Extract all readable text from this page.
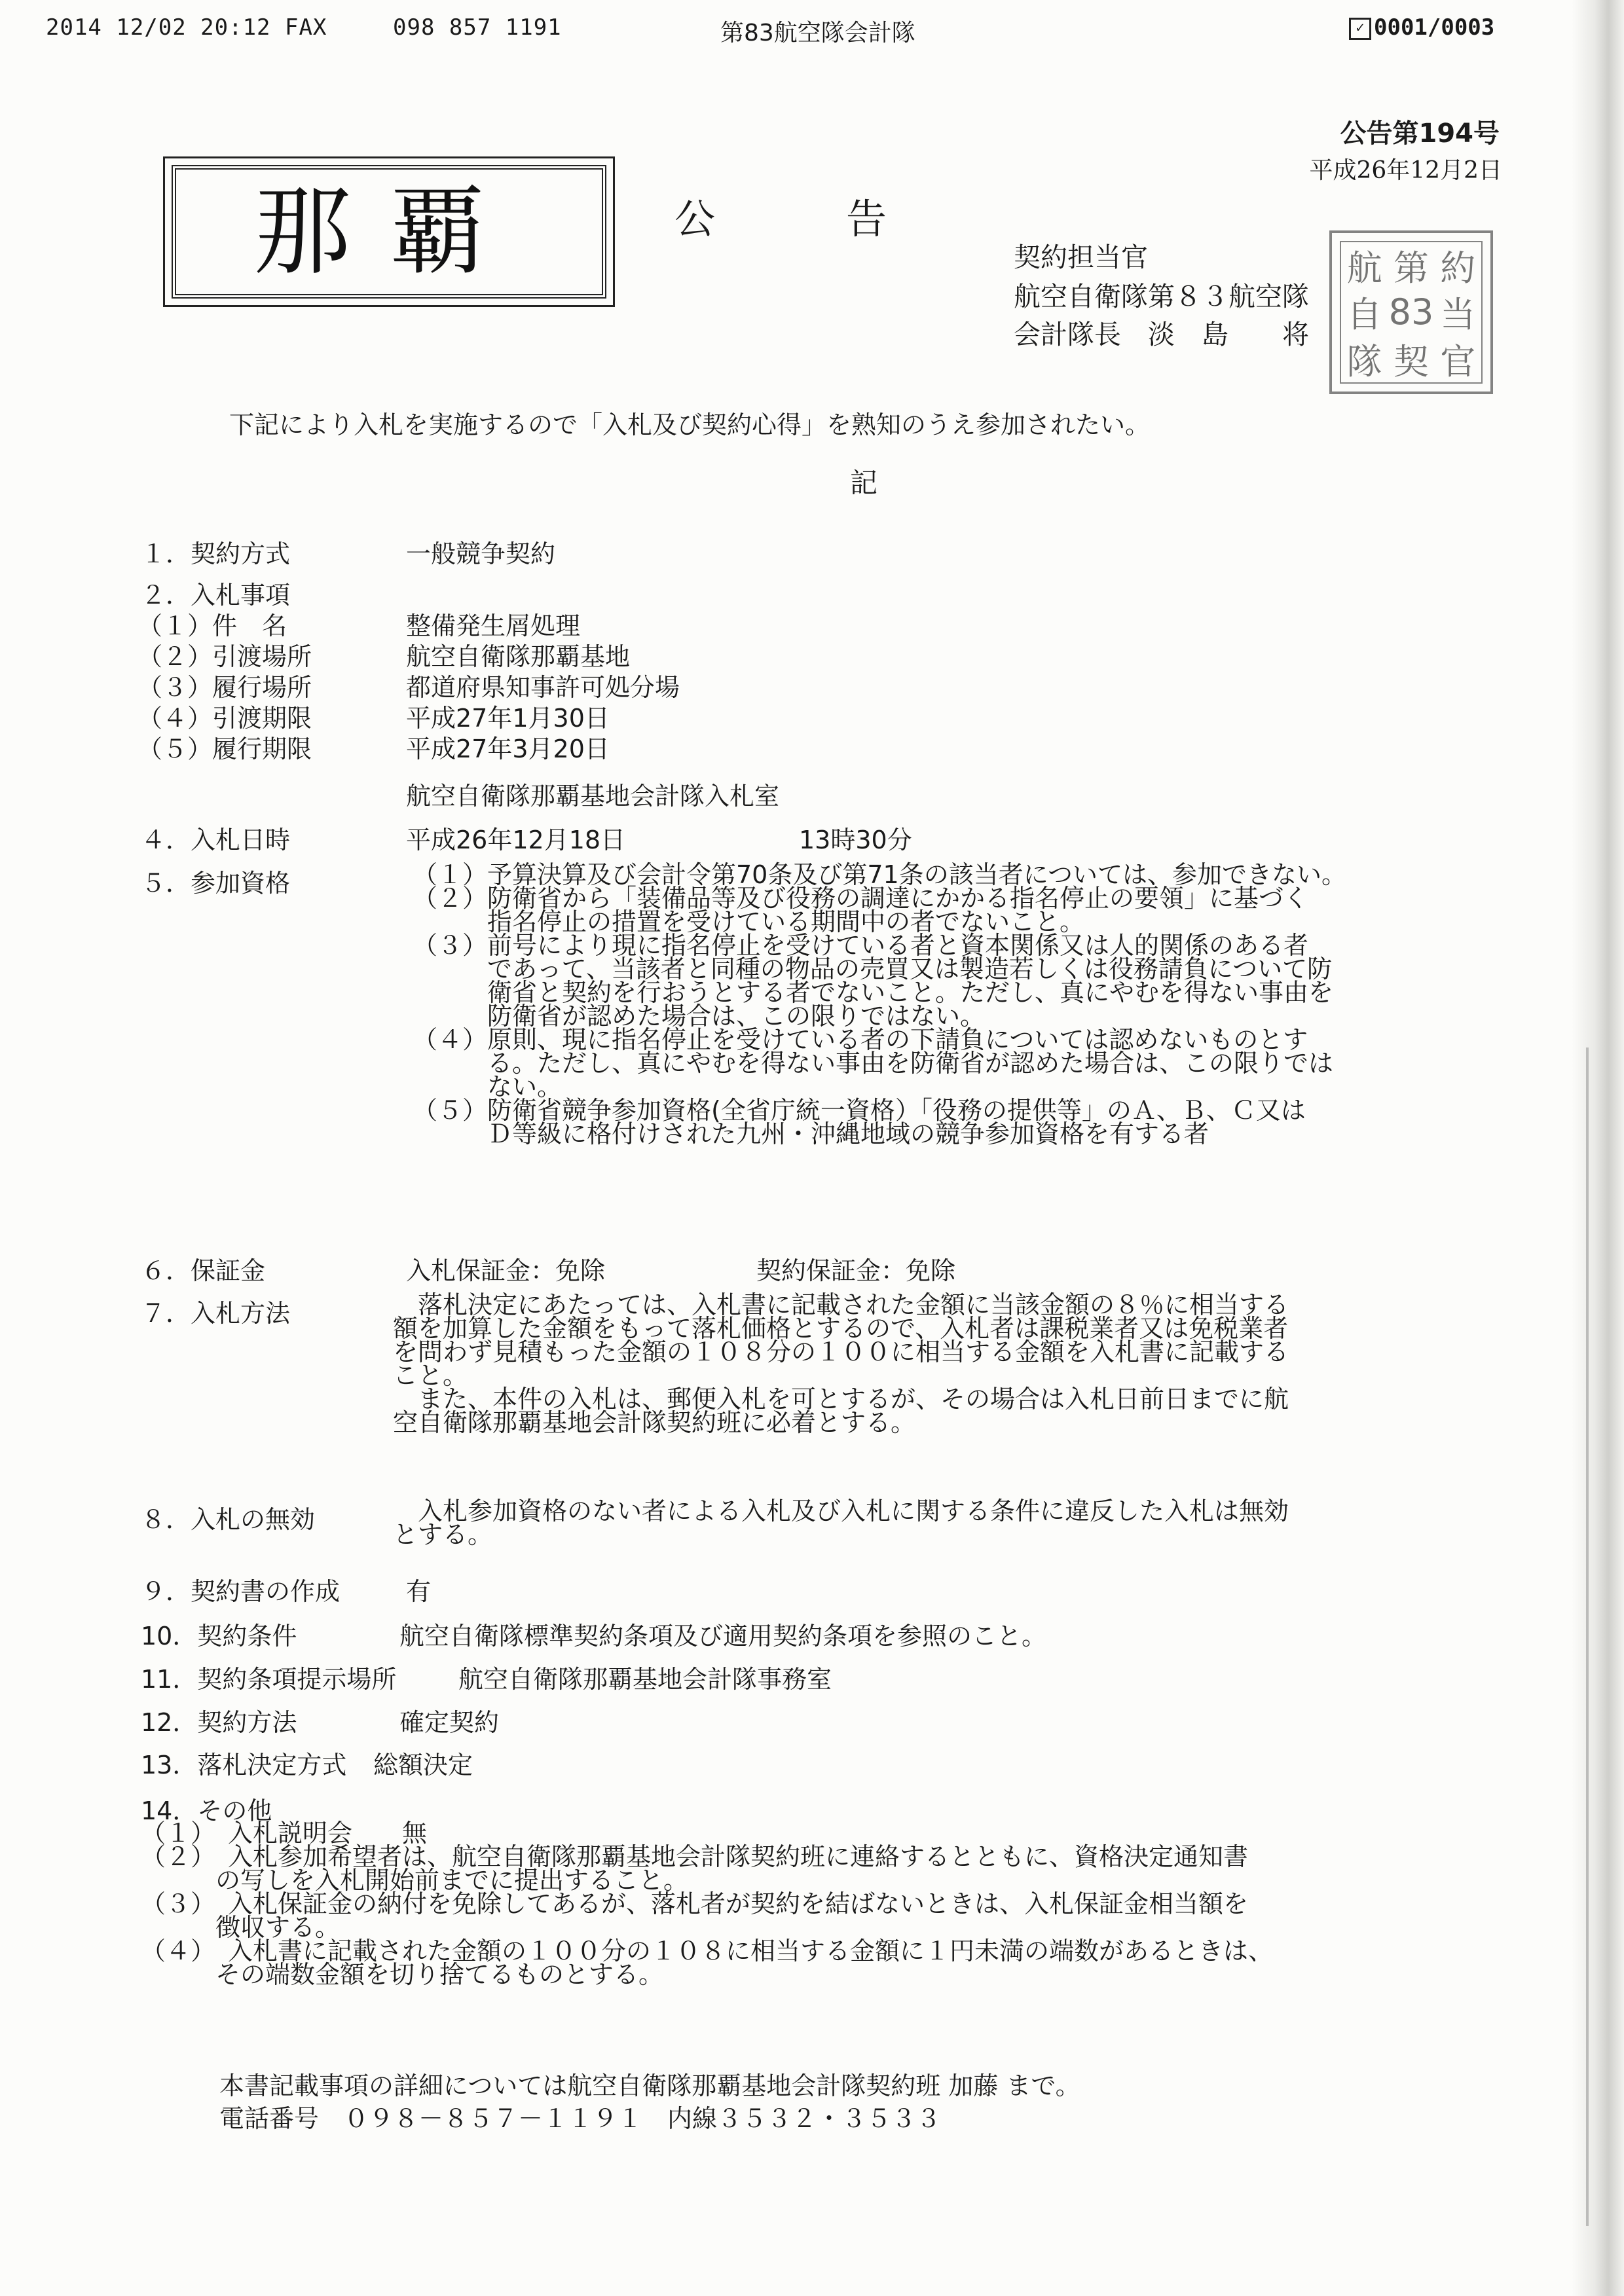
2014 12/02 20:12 FAX	098 857 1191	第83航空隊会計隊	✓ 0001/0003
公告第194号
平成26年12月2日
那覇	公告
契約担当官
航空自衛隊第８３航空隊
会計隊長　淡　島　　将
航 第 約
自 83 当
隊 契 官
下記により入札を実施するので「入札及び契約心得」を熟知のうえ参加されたい。
記
１．契約方式	一般競争契約
２．入札事項
（１）件　名	整備発生屑処理
（２）引渡場所	航空自衛隊那覇基地
（３）履行場所	都道府県知事許可処分場
（４）引渡期限	平成27年1月30日
（５）履行期限	平成27年3月20日
航空自衛隊那覇基地会計隊入札室
４．入札日時	平成26年12月18日	13時30分
５．参加資格	（１）予算決算及び会計令第70条及び第71条の該当者については、参加できない。

（２）防衛省から「装備品等及び役務の調達にかかる指名停止の要領」に基づく

　　　指名停止の措置を受けている期間中の者でないこと。

（３）前号により現に指名停止を受けている者と資本関係又は人的関係のある者

　　　であって、当該者と同種の物品の売買又は製造若しくは役務請負について防

　　　衛省と契約を行おうとする者でないこと。ただし、真にやむを得ない事由を

　　　防衛省が認めた場合は、この限りではない。

（４）原則、現に指名停止を受けている者の下請負については認めないものとす

　　　る。ただし、真にやむを得ない事由を防衛省が認めた場合は、この限りでは

　　　ない。

（５）防衛省競争参加資格(全省庁統一資格）「役務の提供等」のＡ、Ｂ、Ｃ又は

　　　Ｄ等級に格付けされた九州・沖縄地域の競争参加資格を有する者

６．保証金	入札保証金：免除	契約保証金：免除
７．入札方法	　落札決定にあたっては、入札書に記載された金額に当該金額の８％に相当する

額を加算した金額をもって落札価格とするので、入札者は課税業者又は免税業者

を問わず見積もった金額の１０８分の１００に相当する金額を入札書に記載する

こと。

　また、本件の入札は、郵便入札を可とするが、その場合は入札日前日までに航

空自衛隊那覇基地会計隊契約班に必着とする。

８．入札の無効	　入札参加資格のない者による入札及び入札に関する条件に違反した入札は無効

とする。

９．契約書の作成	有
10．契約条件	航空自衛隊標準契約条項及び適用契約条項を参照のこと。
11．契約条項提示場所 航空自衛隊那覇基地会計隊事務室
12．契約方法	確定契約
13．落札決定方式 総額決定
14．その他

（１）　入札説明会　　無

（２）　入札参加希望者は、航空自衛隊那覇基地会計隊契約班に連絡するとともに、資格決定通知書

　　　の写しを入札開始前までに提出すること。

（３）　入札保証金の納付を免除してあるが、落札者が契約を結ばないときは、入札保証金相当額を

　　　徴収する。

（４）　入札書に記載された金額の１００分の１０８に相当する金額に１円未満の端数があるときは、

　　　その端数金額を切り捨てるものとする。

本書記載事項の詳細については航空自衛隊那覇基地会計隊契約班 加藤 まで。
電話番号　０９８－８５７－１１９１　内線３５３２・３５３３
